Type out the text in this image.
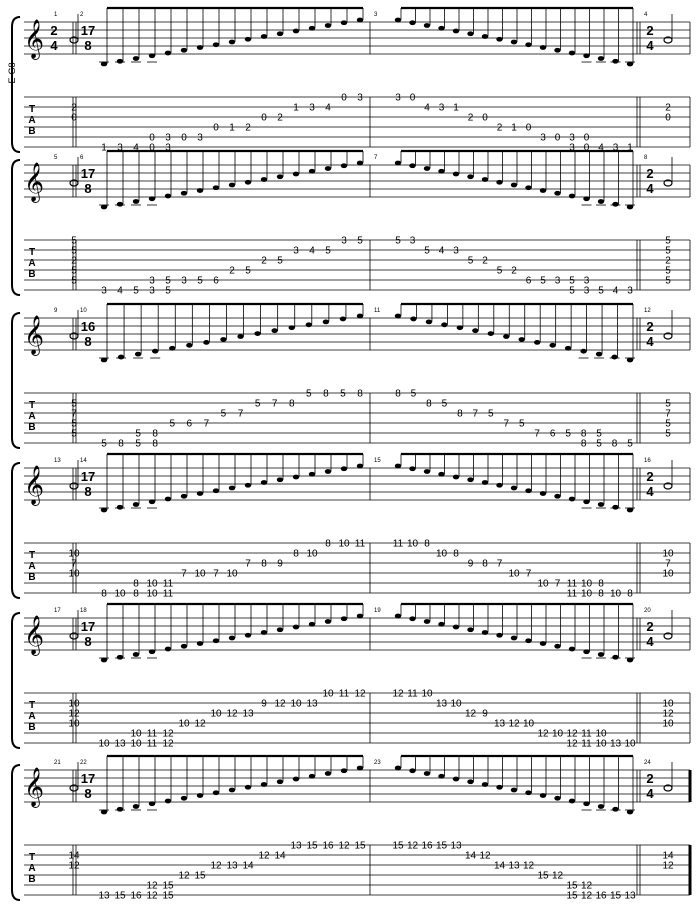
𝄞
T
A
B
1
2
4
2
0
2
17
8
1 3 4
0
0
3
3
0 3
0 1 2
0 2
1 3 4
0 3
3
3 0
4 3 1
2 0
2 1 0
3 0 3
3
0
0 4 3 1
4
2
4
2
0
𝄞
T
A
B
5
5
5
2
5
5
6
17
8
3 4 5
3
3
5
5
3 5 6
2 5
2 5
3 4 5
3 5
7
5 3
5 4 3
5 2
5 2
6 5 3 5
5
3
3 5 4 3
8
2
4
5
5
2
5
5
𝄞
T
A
B
9
5
7
5
5
10
16
8
5 8
5
5
8
8
5 6 7
5 7
5 7 8
5 8 5 8
11
8 5
8 5
8 7 5
7 5
7 6 5 8
8
5
5 8 5
12
2
4
5
7
5
5
𝄞
T
A
B
13
10
7
10
14
17
8
8 10
8
8
10
10
11
11
7 10 7 10
7 8 9
8 10
8 10 11
15
11 10 8
10 8
9 8 7
10 7
10 7 11
11
10
10
8
8 10 8
16
2
4
10
7
10
𝄞
T
A
B
17
10
12
10
18
17
8
10 13
10
10
11
11
12
12
10 12
10 12 13
9 12 10 13
10 11 12
19
12 11 10
13 10
12 9
13 12 10
12 10 12
12
11
11
10
10 13 10
20
2
4
10
12
10
𝄞
T
A
B
21
14
12
22
17
8
13 15 16
12
12
15
15
12 15
12 13 14
12 14
13 15 16 12 15
23
15 12 16 15 13
14 12
14 13 12
15 12
15
15
12
12 16 15 13
24
2
4
14
12
E-G8
